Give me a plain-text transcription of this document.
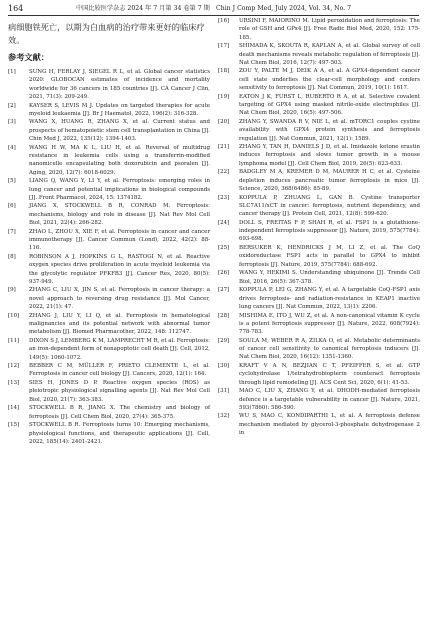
164	中国比较医学杂志 2024 年 7 月第 34 卷第 7 期　Chin J Comp Med, July 2024, Vol. 34, No. 7
病细胞铁死亡，以期为白血病的治疗带来更好的临床疗效。
参考文献：
[1]	SUNG H, FERLAY J, SIEGEL R L, et al. Global cancer statistics 2020: GLOBOCAN estimates of incidence and mortality worldwide for 36 cancers in 185 countries [J]. CA Cancer J Clin, 2021, 71(3): 209-249.
[2]	KAYSER S, LEVIS M J. Updates on targeted therapies for acute myeloid leukaemia [J]. Br J Haematol, 2022, 196(2): 316-328.
[3]	WANG X, HUANG R, ZHANG X, et al. Current status and prospects of hematopoietic stem cell transplantation in China [J]. Chin Med J, 2022, 135(12): 1394-1403.
[4]	WANG H W, MA K L, LIU H, et al. Reversal of multidrug resistance in leukemia cells using a transferrin-modified nanomicelle encapsulating both doxorubicin and psoralen [J]. Aging, 2020, 12(7): 6018-6029.
[5]	LIANG Q, WANG Y, LI Y, et al. Ferroptosis: emerging roles in lung cancer and potential implications in biological compounds [J]. Front Pharmacol, 2024, 15: 1374182.
[6]	JIANG X, STOCKWELL B R, CONRAD M. Ferroptosis: mechanisms, biology and role in disease [J]. Nat Rev Mol Cell Biol, 2021, 22(4): 266-282.
[7]	ZHAO L, ZHOU X, XIE F, et al. Ferroptosis in cancer and cancer immunotherapy [J]. Cancer Commun (Lond), 2022, 42(2): 88-116.
[8]	ROBINSON A J, HOPKINS G L, RASTOGI N, et al. Reactive oxygen species drive proliferation in acute myeloid leukemia via the glycolytic regulator PFKFB3 [J]. Cancer Res, 2020, 80(5): 937-949.
[9]	ZHANG C, LIU X, JIN S, et al. Ferroptosis in cancer therapy: a novel approach to reversing drug resistance [J]. Mol Cancer, 2022, 21(1): 47.
[10]	ZHANG J, LIU Y, LI Q, et al. Ferroptosis in hematological malignancies and its potential network with abnormal tumor metabolism [J]. Biomed Pharmacother, 2022, 148: 112747.
[11]	DIXON S J, LEMBERG K M, LAMPRECHT M R, et al. Ferroptosis: an iron-dependent form of nonapoptotic cell death [J]. Cell, 2012, 149(5): 1060-1072.
[12]	BEBBER C M, MÜLLER F, PRIETO CLEMENTE L, et al. Ferroptosis in cancer cell biology [J]. Cancers, 2020, 12(1): 164.
[13]	SIES H, JONES D P. Reactive oxygen species (ROS) as pleiotropic physiological signalling agents [J]. Nat Rev Mol Cell Biol, 2020, 21(7): 363-383.
[14]	STOCKWELL B R, JIANG X. The chemistry and biology of ferroptosis [J]. Cell Chem Biol, 2020, 27(4): 365-375.
[15]	STOCKWELL B R. Ferroptosis turns 10: Emerging mechanisms, physiological functions, and therapeutic applications [J]. Cell, 2022, 185(14): 2401-2421.
[16]	URSINI F, MAIORINO M. Lipid peroxidation and ferroptosis: The role of GSH and GPx4 [J]. Free Radic Biol Med, 2020, 152: 175-185.
[17]	SHIMADA K, SKOUTA R, KAPLAN A, et al. Global survey of cell death mechanisms reveals metabolic regulation of ferroptosis [J]. Nat Chem Biol, 2016, 12(7): 497-503.
[18]	ZOU Y, PALTE M J, DEIK A A, et al. A GPX4-dependent cancer cell state underlies the clear-cell morphology and confers sensitivity to ferroptosis [J]. Nat Commun, 2019, 10(1): 1617.
[19]	EATON J K, FURST L, RUBERTO R A, et al. Selective covalent targeting of GPX4 using masked nitrile-oxide electrophiles [J]. Nat Chem Biol, 2020, 16(5): 497-506.
[20]	ZHANG Y, SWANDA R V, NIE L, et al. mTORC1 couples cystine availability with GPX4 protein synthesis and ferroptosis regulation [J]. Nat Commun, 2021, 12(1): 1589.
[21]	ZHANG Y, TAN H, DANIELS J D, et al. Imidazole ketone erastin induces ferroptosis and slows tumor growth in a mouse lymphoma model [J]. Cell Chem Biol, 2019, 26(5): 623-633.
[22]	BADGLEY M A, KREMER D M, MAURER H C, et al. Cysteine depletion induces pancreatic tumor ferroptosis in mice [J]. Science, 2020, 368(6486): 85-89.
[23]	KOPPULA P, ZHUANG L, GAN B. Cystine transporter SLC7A11/xCT in cancer: ferroptosis, nutrient dependency, and cancer therapy [J]. Protein Cell, 2021, 12(8): 599-620.
[24]	DOLL S, FREITAS F P, SHAH R, et al. FSP1 is a glutathione-independent ferroptosis suppressor [J]. Nature, 2019, 575(7784): 693-698.
[25]	BERSUKER K, HENDRICKS J M, LI Z, et al. The CoQ oxidoreductase FSP1 acts in parallel to GPX4 to inhibit ferroptosis [J]. Nature, 2019, 575(7784): 688-692.
[26]	WANG Y, HEKIMI S. Understanding ubiquinone [J]. Trends Cell Biol, 2016, 26(5): 367-378.
[27]	KOPPULA P, LEI G, ZHANG Y, et al. A targetable CoQ-FSP1 axis drives ferroptosis- and radiation-resistance in KEAP1 inactive lung cancers [J]. Nat Commun, 2022, 13(1): 2206.
[28]	MISHIMA E, ITO J, WU Z, et al. A non-canonical vitamin K cycle is a potent ferroptosis suppressor [J]. Nature, 2022, 608(7924): 778-783.
[29]	SOULA M, WEBER R A, ZILKA O, et al. Metabolic determinants of cancer cell sensitivity to canonical ferroptosis inducers [J]. Nat Chem Biol, 2020, 16(12): 1351-1360.
[30]	KRAFT V A N, BEZJIAN C T, PFEIFFER S, et al. GTP cyclohydrolase 1/tetrahydrobiopterin counteract ferroptosis through lipid remodeling [J]. ACS Cent Sci, 2020, 6(1): 41-53.
[31]	MAO C, LIU X, ZHANG Y, et al. DHODH-mediated ferroptosis defence is a targetable vulnerability in cancer [J]. Nature, 2021, 593(7860): 586-590.
[32]	WU S, MAO C, KONDIPARTHI L, et al. A ferroptosis defense mechanism mediated by glycerol-3-phosphate dehydrogenase 2 in
